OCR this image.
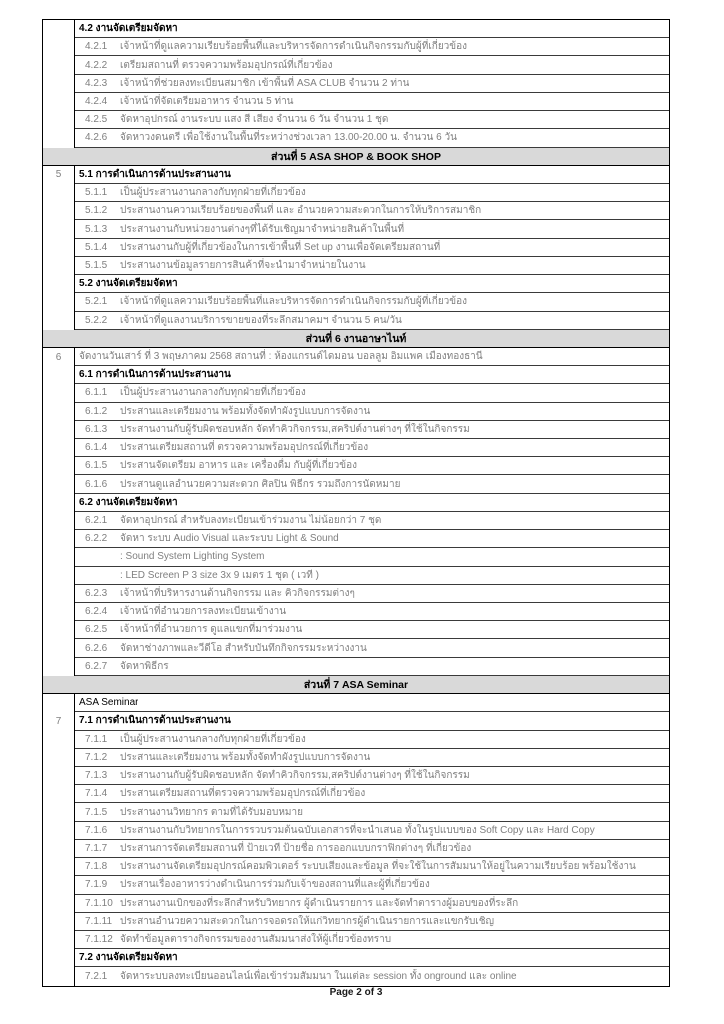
4.2 งานจัดเตรียมจัดหา
4.2.1	เจ้าหน้าที่ดูแลความเรียบร้อยพื้นที่และบริหารจัดการดำเนินกิจกรรมกับผู้ที่เกี่ยวข้อง
4.2.2	เตรียมสถานที่ ตรวจความพร้อมอุปกรณ์ที่เกี่ยวข้อง
4.2.3	เจ้าหน้าที่ช่วยลงทะเบียนสมาชิก เข้าพื้นที่ ASA CLUB จำนวน 2 ท่าน
4.2.4	เจ้าหน้าที่จัดเตรียมอาหาร จำนวน 5 ท่าน
4.2.5	จัดหาอุปกรณ์ งานระบบ แสง สี เสียง จำนวน 6 วัน จำนวน 1 ชุด
4.2.6	จัดหาวงดนตรี เพื่อใช้งานในพื้นที่ระหว่างช่วงเวลา 13.00-20.00 น. จำนวน 6 วัน
ส่วนที่ 5 ASA SHOP & BOOK SHOP
5	5.1 การดำเนินการด้านประสานงาน
5.1.1	เป็นผู้ประสานงานกลางกับทุกฝ่ายที่เกี่ยวข้อง
5.1.2	ประสานงานความเรียบร้อยของพื้นที่ และ อำนวยความสะดวกในการให้บริการสมาชิก
5.1.3	ประสานงานกับหน่วยงานต่างๆที่ได้รับเชิญมาจำหน่ายสินค้าในพื้นที่
5.1.4	ประสานงานกับผู้ที่เกี่ยวข้องในการเข้าพื้นที่ Set up งานเพื่อจัดเตรียมสถานที่
5.1.5	ประสานงานข้อมูลรายการสินค้าที่จะนำมาจำหน่ายในงาน
5.2 งานจัดเตรียมจัดหา
5.2.1	เจ้าหน้าที่ดูแลความเรียบร้อยพื้นที่และบริหารจัดการดำเนินกิจกรรมกับผู้ที่เกี่ยวข้อง
5.2.2	เจ้าหน้าที่ดูแลงานบริการขายของที่ระลึกสมาคมฯ จำนวน 5 คน/วัน
ส่วนที่ 6 งานอาษาไนท์
6	จัดงานวันเสาร์ ที่ 3 พฤษภาคม 2568 สถานที่ : ห้องแกรนด์ไดมอน บอลลูม อิมแพค เมืองทองธานี
6.1 การดำเนินการด้านประสานงาน
6.1.1	เป็นผู้ประสานงานกลางกับทุกฝ่ายที่เกี่ยวข้อง
6.1.2	ประสานและเตรียมงาน พร้อมทั้งจัดทำผังรูปแบบการจัดงาน
6.1.3	ประสานงานกับผู้รับผิดชอบหลัก จัดทำคิวกิจกรรม,สคริปต์งานต่างๆ ที่ใช้ในกิจกรรม
6.1.4	ประสานเตรียมสถานที่ ตรวจความพร้อมอุปกรณ์ที่เกี่ยวข้อง
6.1.5	ประสานจัดเตรียม อาหาร และ เครื่องดื่ม กับผู้ที่เกี่ยวข้อง
6.1.6	ประสานดูแลอำนวยความสะดวก ศิลปิน พิธีกร รวมถึงการนัดหมาย
6.2 งานจัดเตรียมจัดหา
6.2.1	จัดหาอุปกรณ์ สำหรับลงทะเบียนเข้าร่วมงาน ไม่น้อยกว่า 7 ชุด
6.2.2	จัดหา ระบบ Audio Visual และระบบ Light & Sound
: Sound System Lighting System
: LED Screen P 3 size 3x 9 เมตร 1 ชุด ( เวที )
6.2.3	เจ้าหน้าที่บริหารงานด้านกิจกรรม และ คิวกิจกรรมต่างๆ
6.2.4	เจ้าหน้าที่อำนวยการลงทะเบียนเข้างาน
6.2.5	เจ้าหน้าที่อำนวยการ ดูแลแขกที่มาร่วมงาน
6.2.6	จัดหาช่างภาพและวีดีโอ สำหรับบันทึกกิจกรรมระหว่างงาน
6.2.7	จัดหาพิธีกร
ส่วนที่ 7 ASA Seminar
7
ASA Seminar
7.1 การดำเนินการด้านประสานงาน
7.1.1	เป็นผู้ประสานงานกลางกับทุกฝ่ายที่เกี่ยวข้อง
7.1.2	ประสานและเตรียมงาน พร้อมทั้งจัดทำผังรูปแบบการจัดงาน
7.1.3	ประสานงานกับผู้รับผิดชอบหลัก จัดทำคิวกิจกรรม,สคริปต์งานต่างๆ ที่ใช้ในกิจกรรม
7.1.4	ประสานเตรียมสถานที่ตรวจความพร้อมอุปกรณ์ที่เกี่ยวข้อง
7.1.5	ประสานงานวิทยากร ตามที่ได้รับมอบหมาย
7.1.6	ประสานงานกับวิทยากรในการรวบรวมต้นฉบับเอกสารที่จะนำเสนอ ทั้งในรูปแบบของ Soft Copy และ Hard Copy
7.1.7	ประสานการจัดเตรียมสถานที่ ป้ายเวที ป้ายชื่อ การออกแบบกราฟิกต่างๆ ที่เกี่ยวข้อง
7.1.8	ประสานงานจัดเตรียมอุปกรณ์คอมพิวเตอร์ ระบบเสียงและข้อมูล ที่จะใช้ในการสัมมนาให้อยู่ในความเรียบร้อย พร้อมใช้งาน
7.1.9	ประสานเรื่องอาหารว่างดำเนินการร่วมกับเจ้าของสถานที่และผู้ที่เกี่ยวข้อง
7.1.10 ประสานงานเบิกของที่ระลึกสำหรับวิทยากร ผู้ดำเนินรายการ และจัดทำตารางผู้มอบของที่ระลึก
7.1.11 ประสานอำนวยความสะดวกในการจอดรถให้แก่วิทยากรผู้ดำเนินรายการและแขกรับเชิญ
7.1.12 จัดทำข้อมูลตารางกิจกรรมของงานสัมมนาส่งให้ผู้เกี่ยวข้องทราบ
7.2 งานจัดเตรียมจัดหา
7.2.1	จัดหาระบบลงทะเบียนออนไลน์เพื่อเข้าร่วมสัมมนา ในแต่ละ session ทั้ง onground และ online
Page 2 of 3
